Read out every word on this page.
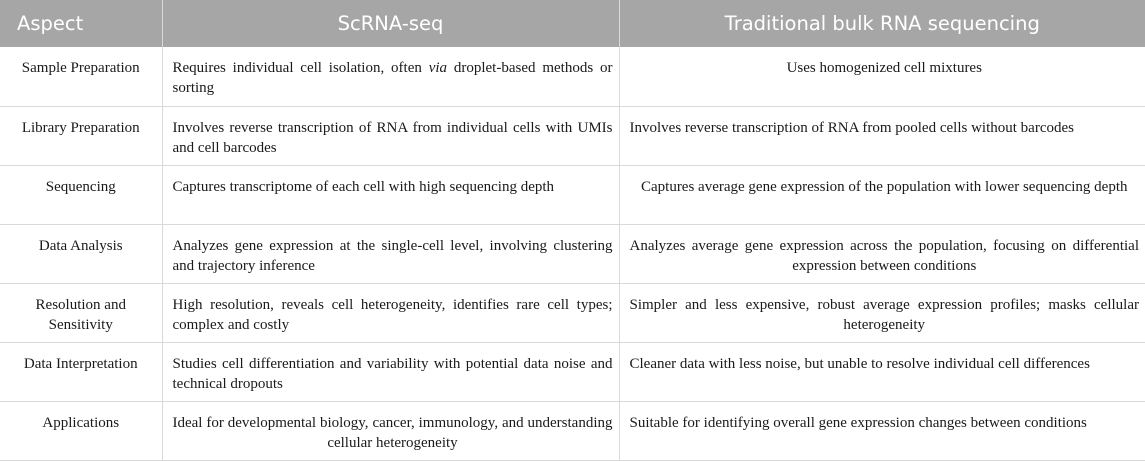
Aspect	ScRNA-seq	Traditional bulk RNA sequencing
Sample Preparation	Requires individual cell isolation, often via droplet-based methods or sorting	Uses homogenized cell mixtures
Library Preparation	Involves reverse transcription of RNA from individual cells with UMIs and cell barcodes	Involves reverse transcription of RNA from pooled cells without barcodes
Sequencing	Captures transcriptome of each cell with high sequencing depth	Captures average gene expression of the population with lower sequencing depth
Data Analysis	Analyzes gene expression at the single-cell level, involving clustering and trajectory inference	Analyzes average gene expression across the population, focusing on differential expression between conditions
Resolution and Sensitivity	High resolution, reveals cell heterogeneity, identifies rare cell types; complex and costly	Simpler and less expensive, robust average expression profiles; masks cellular heterogeneity
Data Interpretation	Studies cell differentiation and variability with potential data noise and technical dropouts	Cleaner data with less noise, but unable to resolve individual cell differences
Applications	Ideal for developmental biology, cancer, immunology, and understanding cellular heterogeneity	Suitable for identifying overall gene expression changes between conditions
